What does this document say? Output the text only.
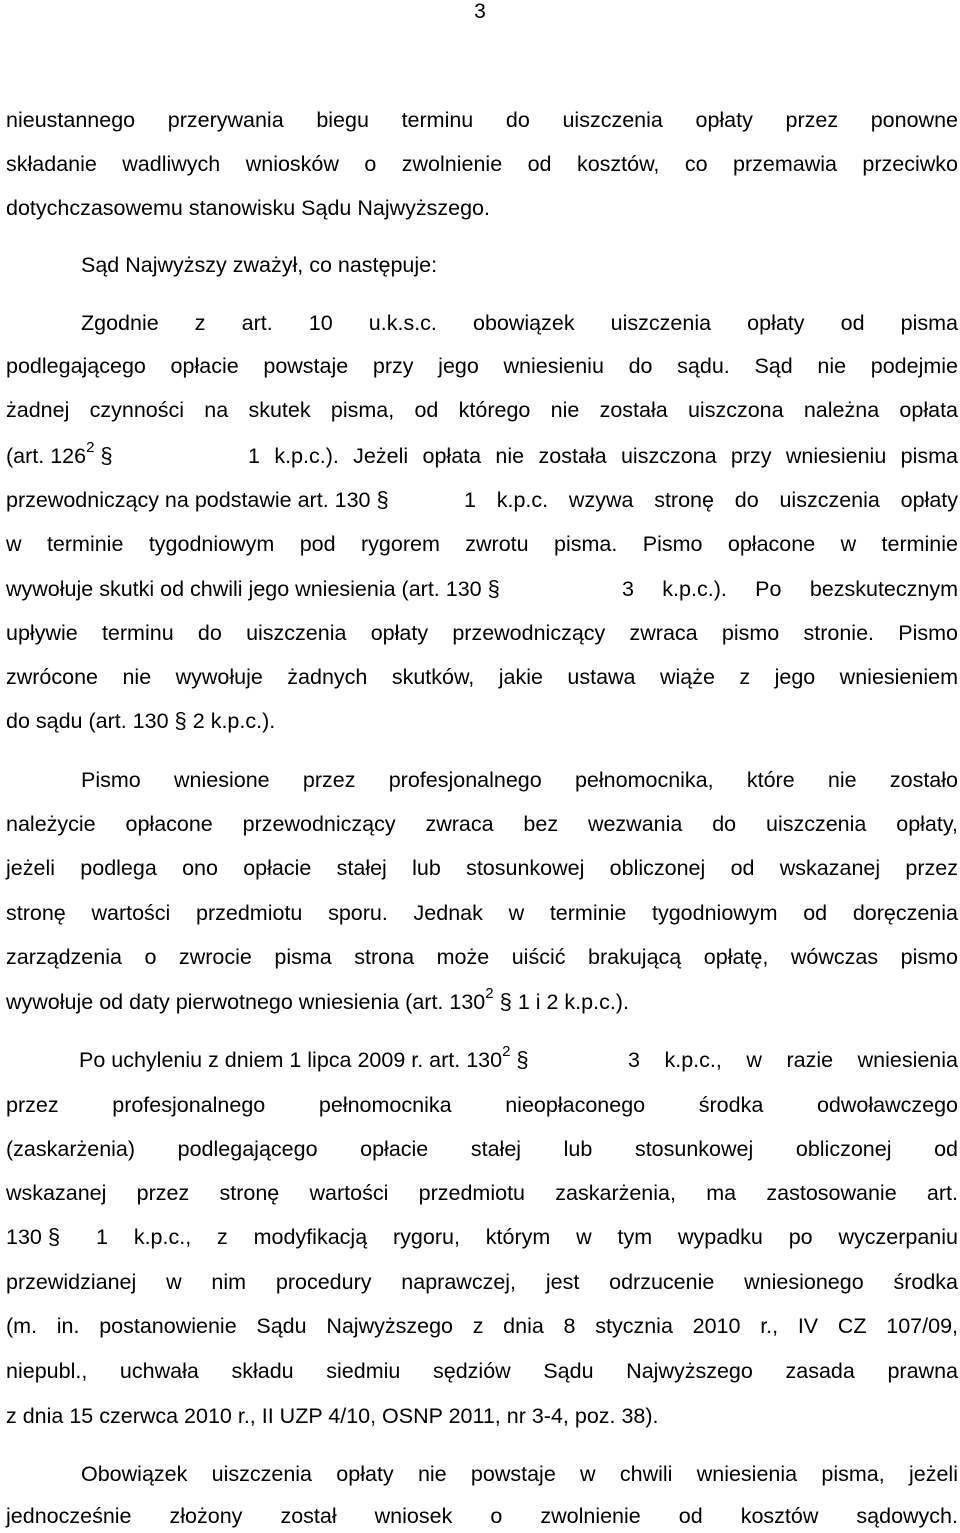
3
nieustannego przerywania biegu terminu do uiszczenia opłaty przez ponowne
składanie wadliwych wniosków o zwolnienie od kosztów, co przemawia przeciwko
dotychczasowemu stanowisku Sądu Najwyższego.
Sąd Najwyższy zważył, co następuje:
Zgodnie z art. 10 u.k.s.c. obowiązek uiszczenia opłaty od pisma
podlegającego opłacie powstaje przy jego wniesieniu do sądu. Sąd nie podejmie
żadnej czynności na skutek pisma, od którego nie została uiszczona należna opłata
(art. $126^2$ §	1 k.p.c.). Jeżeli opłata nie została uiszczona przy wniesieniu pisma
przewodniczący na podstawie art. 130 §	1 k.p.c. wzywa stronę do uiszczenia opłaty
w terminie tygodniowym pod rygorem zwrotu pisma. Pismo opłacone w terminie
wywołuje skutki od chwili jego wniesienia (art. 130 §	3 k.p.c.). Po bezskutecznym
upływie terminu do uiszczenia opłaty przewodniczący zwraca pismo stronie. Pismo
zwrócone nie wywołuje żadnych skutków, jakie ustawa wiąże z jego wniesieniem
do sądu (art. 130 § 2 k.p.c.).
Pismo wniesione przez profesjonalnego pełnomocnika, które nie zostało
należycie opłacone przewodniczący zwraca bez wezwania do uiszczenia opłaty,
jeżeli podlega ono opłacie stałej lub stosunkowej obliczonej od wskazanej przez
stronę wartości przedmiotu sporu. Jednak w terminie tygodniowym od doręczenia
zarządzenia o zwrocie pisma strona może uiścić brakującą opłatę, wówczas pismo
wywołuje od daty pierwotnego wniesienia (art. $130^2$ § 1 i 2 k.p.c.).
Po uchyleniu z dniem 1 lipca 2009 r. art. $130^2$ §	3 k.p.c., w razie wniesienia
przez profesjonalnego pełnomocnika nieopłaconego środka odwoławczego
(zaskarżenia) podlegającego opłacie stałej lub stosunkowej obliczonej od
wskazanej przez stronę wartości przedmiotu zaskarżenia, ma zastosowanie art.
130 §	1 k.p.c., z modyfikacją rygoru, którym w tym wypadku po wyczerpaniu
przewidzianej w nim procedury naprawczej, jest odrzucenie wniesionego środka
(m. in. postanowienie Sądu Najwyższego z dnia 8 stycznia 2010 r., IV CZ 107/09,
niepubl., uchwała składu siedmiu sędziów Sądu Najwyższego zasada prawna
z dnia 15 czerwca 2010 r., II UZP 4/10, OSNP 2011, nr 3-4, poz. 38).
Obowiązek uiszczenia opłaty nie powstaje w chwili wniesienia pisma, jeżeli
jednocześnie złożony został wniosek o zwolnienie od kosztów sądowych.
